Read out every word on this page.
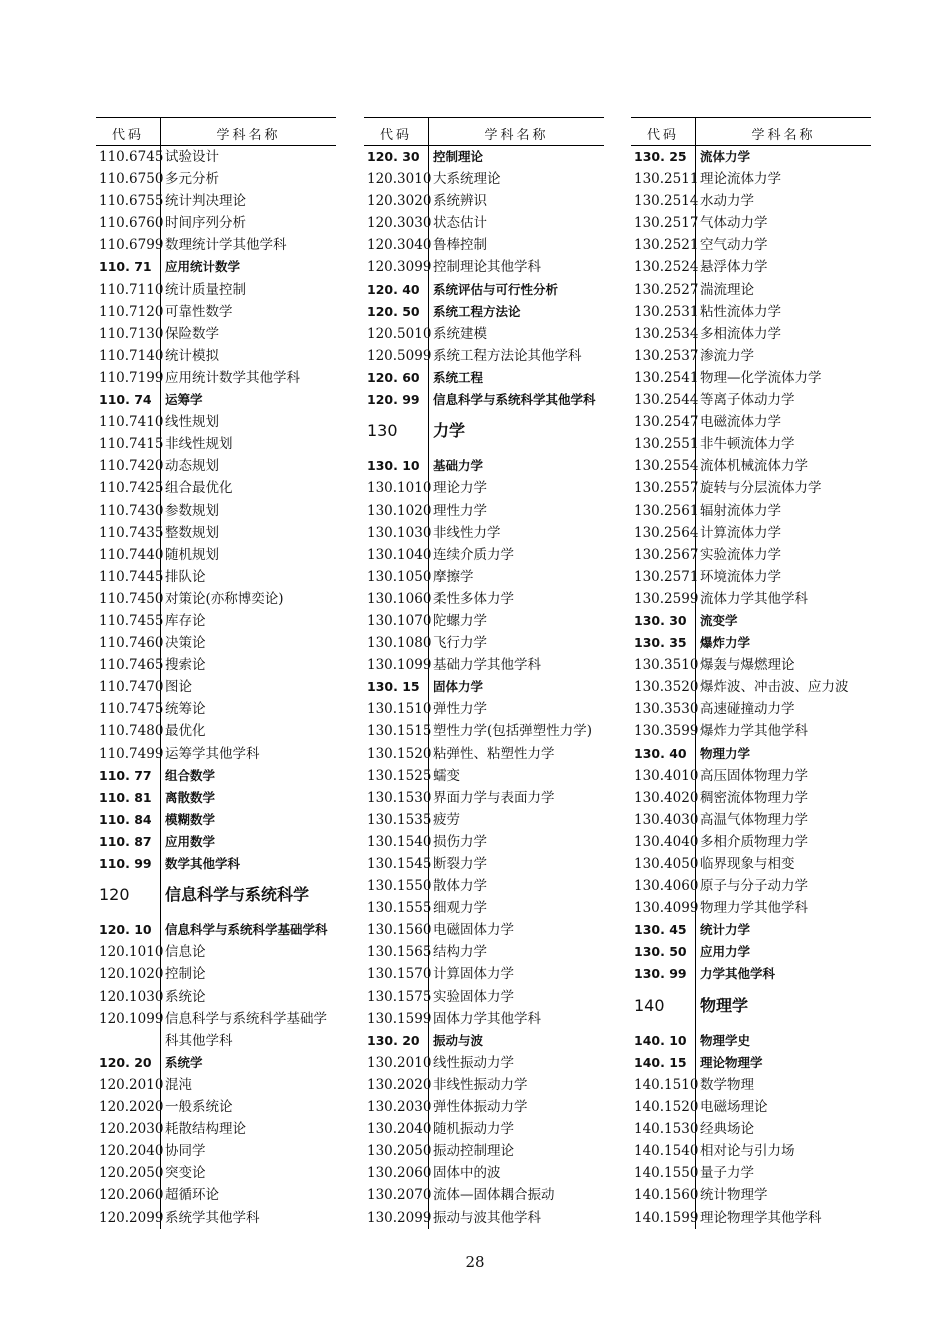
代码	学科名称
110.6745 试验设计
110.6750 多元分析
110.6755 统计判决理论
110.6760 时间序列分析
110.6799 数理统计学其他学科
110. 71	应用统计数学
110.7110 统计质量控制
110.7120 可靠性数学
110.7130 保险数学
110.7140 统计模拟
110.7199 应用统计数学其他学科
110. 74	运筹学
110.7410 线性规划
110.7415 非线性规划
110.7420 动态规划
110.7425 组合最优化
110.7430 参数规划
110.7435 整数规划
110.7440 随机规划
110.7445 排队论
110.7450 对策论(亦称博奕论)
110.7455 库存论
110.7460 决策论
110.7465 搜索论
110.7470 图论
110.7475 统筹论
110.7480 最优化
110.7499 运筹学其他学科
110. 77	组合数学
110. 81	离散数学
110. 84	模糊数学
110. 87	应用数学
110. 99	数学其他学科
120	信息科学与系统科学
120. 10	信息科学与系统科学基础学科
120.1010 信息论
120.1020 控制论
120.1030 系统论
120.1099 信息科学与系统科学基础学
科其他学科
120. 20	系统学
120.2010 混沌
120.2020 一般系统论
120.2030 耗散结构理论
120.2040 协同学
120.2050 突变论
120.2060 超循环论
120.2099 系统学其他学科
代码	学科名称
120. 30	控制理论
120.3010 大系统理论
120.3020 系统辨识
120.3030 状态估计
120.3040 鲁棒控制
120.3099 控制理论其他学科
120. 40	系统评估与可行性分析
120. 50	系统工程方法论
120.5010 系统建模
120.5099 系统工程方法论其他学科
120. 60	系统工程
120. 99	信息科学与系统科学其他学科
130	力学
130. 10	基础力学
130.1010 理论力学
130.1020 理性力学
130.1030 非线性力学
130.1040 连续介质力学
130.1050 摩擦学
130.1060 柔性多体力学
130.1070 陀螺力学
130.1080 飞行力学
130.1099 基础力学其他学科
130. 15	固体力学
130.1510 弹性力学
130.1515 塑性力学(包括弹塑性力学)
130.1520 粘弹性、粘塑性力学
130.1525 蠕变
130.1530 界面力学与表面力学
130.1535 疲劳
130.1540 损伤力学
130.1545 断裂力学
130.1550 散体力学
130.1555 细观力学
130.1560 电磁固体力学
130.1565 结构力学
130.1570 计算固体力学
130.1575 实验固体力学
130.1599 固体力学其他学科
130. 20	振动与波
130.2010 线性振动力学
130.2020 非线性振动力学
130.2030 弹性体振动力学
130.2040 随机振动力学
130.2050 振动控制理论
130.2060 固体中的波
130.2070 流体—固体耦合振动
130.2099 振动与波其他学科
代码	学科名称
130. 25	流体力学
130.2511 理论流体力学
130.2514 水动力学
130.2517 气体动力学
130.2521 空气动力学
130.2524 悬浮体力学
130.2527 湍流理论
130.2531 粘性流体力学
130.2534 多相流体力学
130.2537 渗流力学
130.2541 物理—化学流体力学
130.2544 等离子体动力学
130.2547 电磁流体力学
130.2551 非牛顿流体力学
130.2554 流体机械流体力学
130.2557 旋转与分层流体力学
130.2561 辐射流体力学
130.2564 计算流体力学
130.2567 实验流体力学
130.2571 环境流体力学
130.2599 流体力学其他学科
130. 30	流变学
130. 35	爆炸力学
130.3510 爆轰与爆燃理论
130.3520 爆炸波、冲击波、应力波
130.3530 高速碰撞动力学
130.3599 爆炸力学其他学科
130. 40	物理力学
130.4010 高压固体物理力学
130.4020 稠密流体物理力学
130.4030 高温气体物理力学
130.4040 多相介质物理力学
130.4050 临界现象与相变
130.4060 原子与分子动力学
130.4099 物理力学其他学科
130. 45	统计力学
130. 50	应用力学
130. 99	力学其他学科
140	物理学
140. 10	物理学史
140. 15	理论物理学
140.1510 数学物理
140.1520 电磁场理论
140.1530 经典场论
140.1540 相对论与引力场
140.1550 量子力学
140.1560 统计物理学
140.1599 理论物理学其他学科
28
